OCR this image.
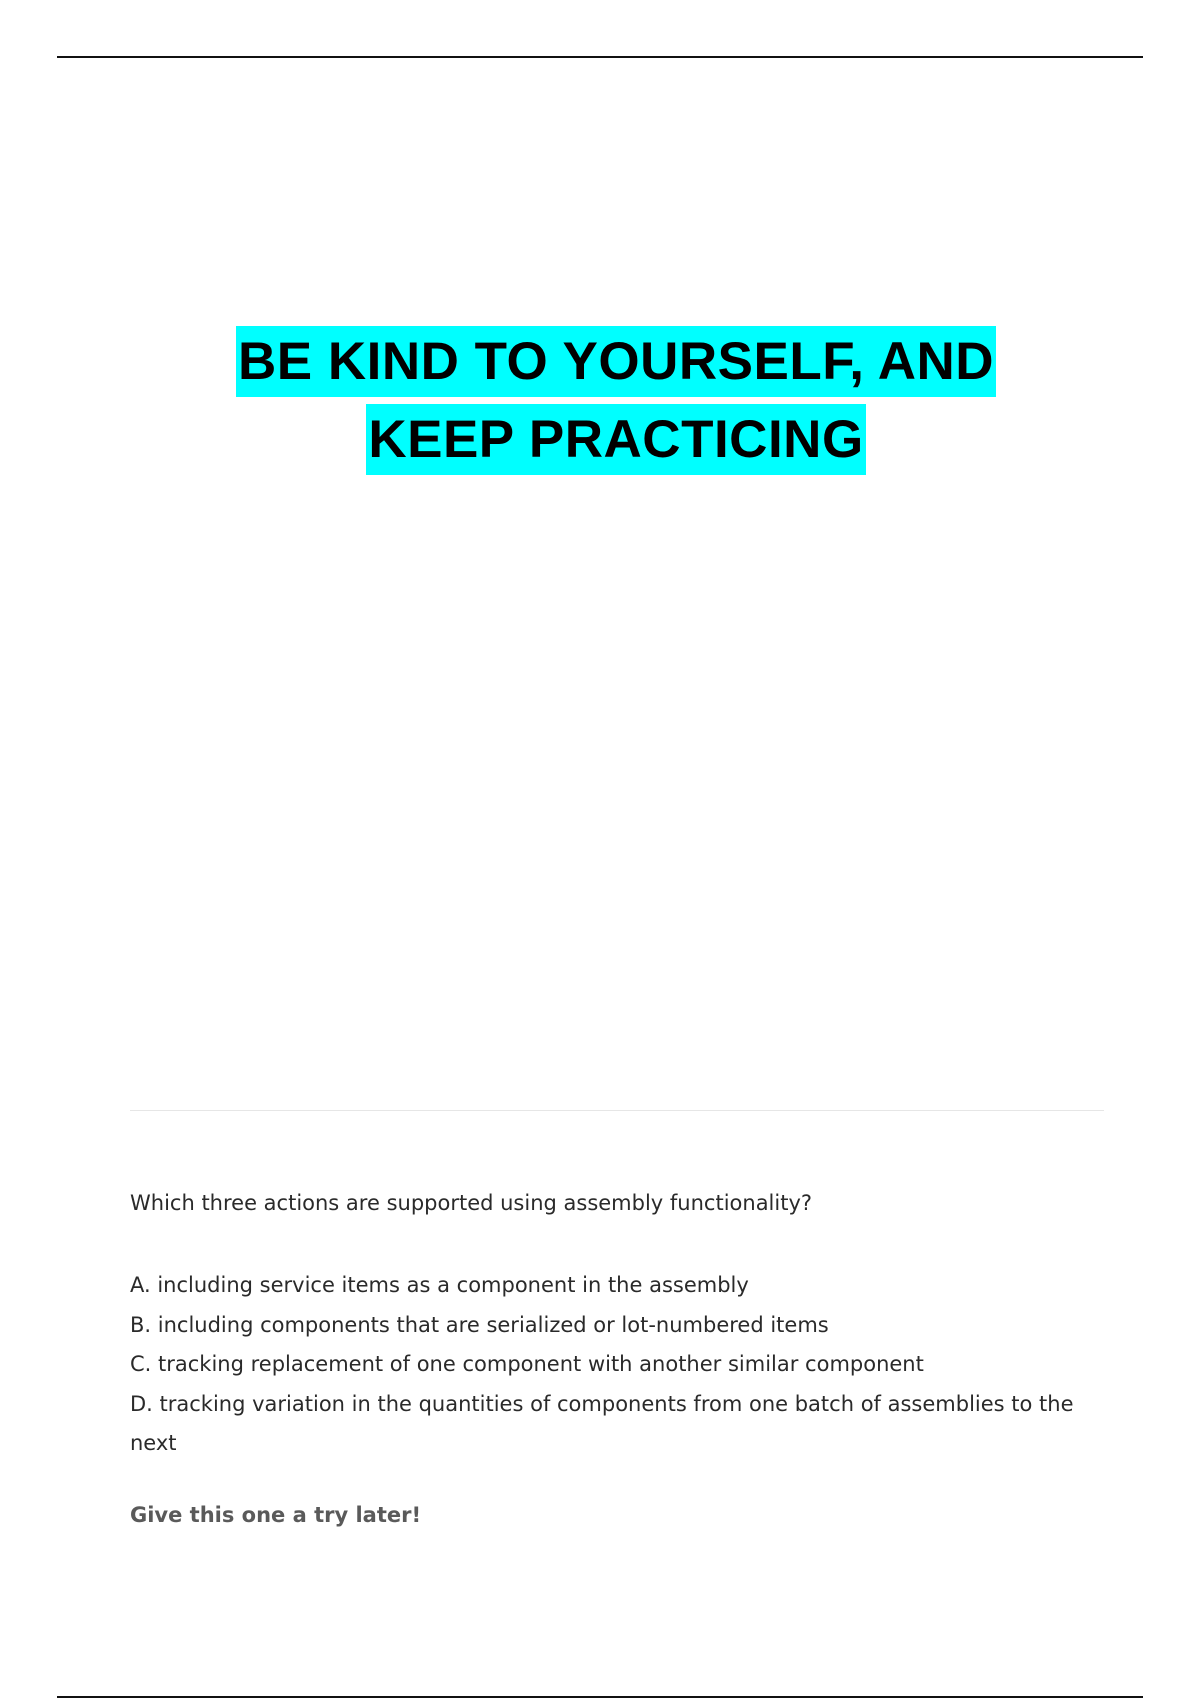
BE KIND TO YOURSELF, AND
KEEP PRACTICING

Which three actions are supported using assembly functionality?

A. including service items as a component in the assembly

B. including components that are serialized or lot-numbered items

C. tracking replacement of one component with another similar component

D. tracking variation in the quantities of components from one batch of assemblies to the next

Give this one a try later!
